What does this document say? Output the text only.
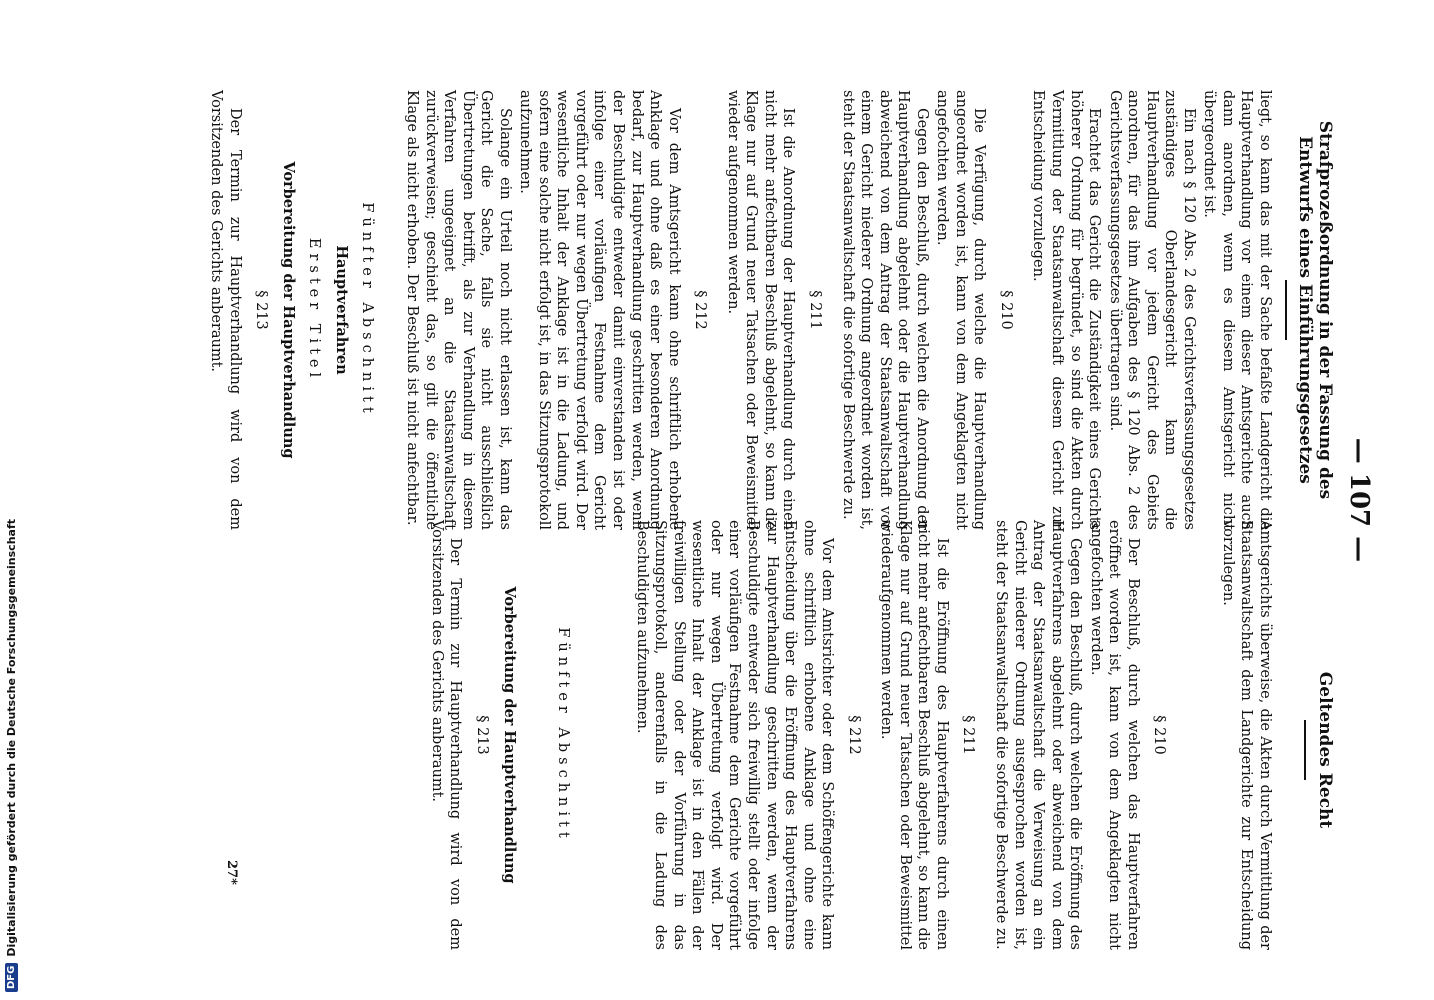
— 107 —
Strafprozeßordnung in der Fassung des Entwurfs eines Einführungsgesetzes
Geltendes Recht

liegt, so kann das mit der Sache befaßte Landgericht die Hauptverhandlung vor einem dieser Amtsgerichte auch dann anordnen, wenn es diesem Amtsgericht nicht übergeordnet ist.

Ein nach § 120 Abs. 2 des Gerichtsverfassungsgesetzes zuständiges Oberlandesgericht kann die Hauptverhandlung vor jedem Gericht des Gebiets anordnen, für das ihm Aufgaben des § 120 Abs. 2 des Gerichtsverfassungsgesetzes übertragen sind.

Erachtet das Gericht die Zuständigkeit eines Gerichts höherer Ordnung für begründet, so sind die Akten durch Vermittlung der Staatsanwaltschaft diesem Gericht zur Entscheidung vorzulegen.

§ 210

Die Verfügung, durch welche die Hauptverhandlung angeordnet worden ist, kann von dem Angeklagten nicht angefochten werden.

Gegen den Beschluß, durch welchen die Anordnung der Hauptverhandlung abgelehnt oder die Hauptverhandlung abweichend von dem Antrag der Staatsanwaltschaft vor einem Gericht niederer Ordnung angeordnet worden ist, steht der Staatsanwaltschaft die sofortige Beschwerde zu.

§ 211

Ist die Anordnung der Hauptverhandlung durch einen nicht mehr anfechtbaren Beschluß abgelehnt, so kann die Klage nur auf Grund neuer Tatsachen oder Beweismittel wieder aufgenommen werden.

§ 212

Vor dem Amtsgericht kann ohne schriftlich erhobene Anklage und ohne daß es einer besonderen Anordnung bedarf, zur Hauptverhandlung geschritten werden, wenn der Beschuldigte entweder damit einverstanden ist oder infolge einer vorläufigen Festnahme dem Gericht vorgeführt oder nur wegen Übertretung verfolgt wird. Der wesentliche Inhalt der Anklage ist in die Ladung, und sofern eine solche nicht erfolgt ist, in das Sitzungsprotokoll aufzunehmen.

Solange ein Urteil noch nicht erlassen ist, kann das Gericht die Sache, falls sie nicht ausschließlich Übertretungen betrifft, als zur Verhandlung in diesem Verfahren ungeeignet an die Staatsanwaltschaft zurückverweisen; geschieht das, so gilt die öffentliche Klage als nicht erhoben. Der Beschluß ist nicht anfechtbar.

Fünfter Abschnitt
Hauptverfahren
Erster Titel
Vorbereitung der Hauptverhandlung
§ 213

Der Termin zur Hauptverhandlung wird von dem Vorsitzenden des Gerichts anberaumt.

Amtsgerichts überweise, die Akten durch Vermittlung der Staatsanwaltschaft dem Landgerichte zur Entscheidung vorzulegen.

§ 210

Der Beschluß, durch welchen das Hauptverfahren eröffnet worden ist, kann von dem Angeklagten nicht angefochten werden.

Gegen den Beschluß, durch welchen die Eröffnung des Hauptverfahrens abgelehnt oder abweichend von dem Antrag der Staatsanwaltschaft die Verweisung an ein Gericht niederer Ordnung ausgesprochen worden ist, steht der Staatsanwaltschaft die sofortige Beschwerde zu.

§ 211

Ist die Eröffnung des Hauptverfahrens durch einen nicht mehr anfechtbaren Beschluß abgelehnt, so kann die Klage nur auf Grund neuer Tatsachen oder Beweismittel wiederaufgenommen werden.

§ 212

Vor dem Amtsrichter oder dem Schöffengerichte kann ohne schriftlich erhobene Anklage und ohne eine Entscheidung über die Eröffnung des Hauptverfahrens zur Hauptverhandlung geschritten werden, wenn der Beschuldigte entweder sich freiwillig stellt oder infolge einer vorläufigen Festnahme dem Gerichte vorgeführt oder nur wegen Übertretung verfolgt wird. Der wesentliche Inhalt der Anklage ist in den Fällen der freiwilligen Stellung oder der Vorführung in das Sitzungsprotokoll, anderenfalls in die Ladung des Beschuldigten aufzunehmen.

Fünfter Abschnitt
Vorbereitung der Hauptverhandlung
§ 213

Der Termin zur Hauptverhandlung wird von dem Vorsitzenden des Gerichts anberaumt.

27*
DFG
Digitalisierung gefördert durch die Deutsche Forschungsgemeinschaft
